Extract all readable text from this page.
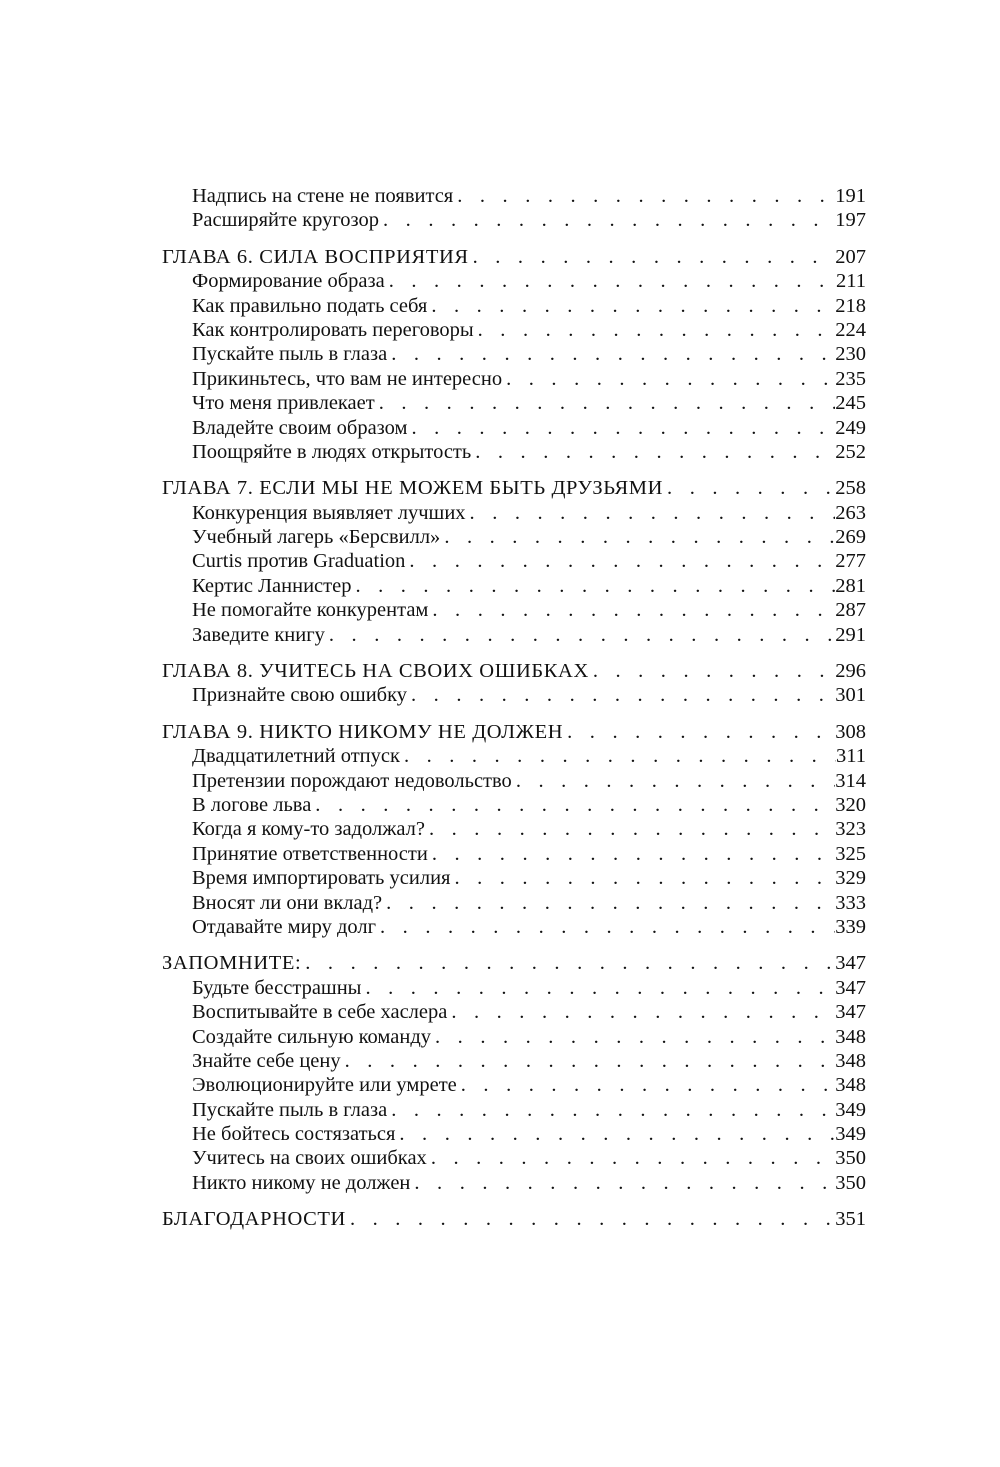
Надпись на стене не появится . . .	191
Расширяйте кругозор . . .	197
ГЛАВА 6. СИЛА ВОСПРИЯТИЯ . . .	207
Формирование образа . . .	211
Как правильно подать себя . . .	218
Как контролировать переговоры . . .	224
Пускайте пыль в глаза . . .	230
Прикиньтесь, что вам не интересно . . .	235
Что меня привлекает . . .	245
Владейте своим образом . . .	249
Поощряйте в людях открытость . . .	252
ГЛАВА 7. ЕСЛИ МЫ НЕ МОЖЕМ БЫТЬ ДРУЗЬЯМИ . . .	258
Конкуренция выявляет лучших . . .	263
Учебный лагерь «Берсвилл» . . .	269
Curtis против Graduation . . .	277
Кертис Ланнистер . . .	281
Не помогайте конкурентам . . .	287
Заведите книгу . . .	291
ГЛАВА 8. УЧИТЕСЬ НА СВОИХ ОШИБКАХ . . .	296
Признайте свою ошибку . . .	301
ГЛАВА 9. НИКТО НИКОМУ НЕ ДОЛЖЕН . . .	308
Двадцатилетний отпуск . . .	311
Претензии порождают недовольство . . .	314
В логове льва . . .	320
Когда я кому-то задолжал? . . .	323
Принятие ответственности . . .	325
Время импортировать усилия . . .	329
Вносят ли они вклад? . . .	333
Отдавайте миру долг . . .	339
ЗАПОМНИТЕ: . . .	347
Будьте бесстрашны . . .	347
Воспитывайте в себе хаслера . . .	347
Создайте сильную команду . . .	348
Знайте себе цену . . .	348
Эволюционируйте или умрете . . .	348
Пускайте пыль в глаза . . .	349
Не бойтесь состязаться . . .	349
Учитесь на своих ошибках . . .	350
Никто никому не должен . . .	350
БЛАГОДАРНОСТИ . . .	351
